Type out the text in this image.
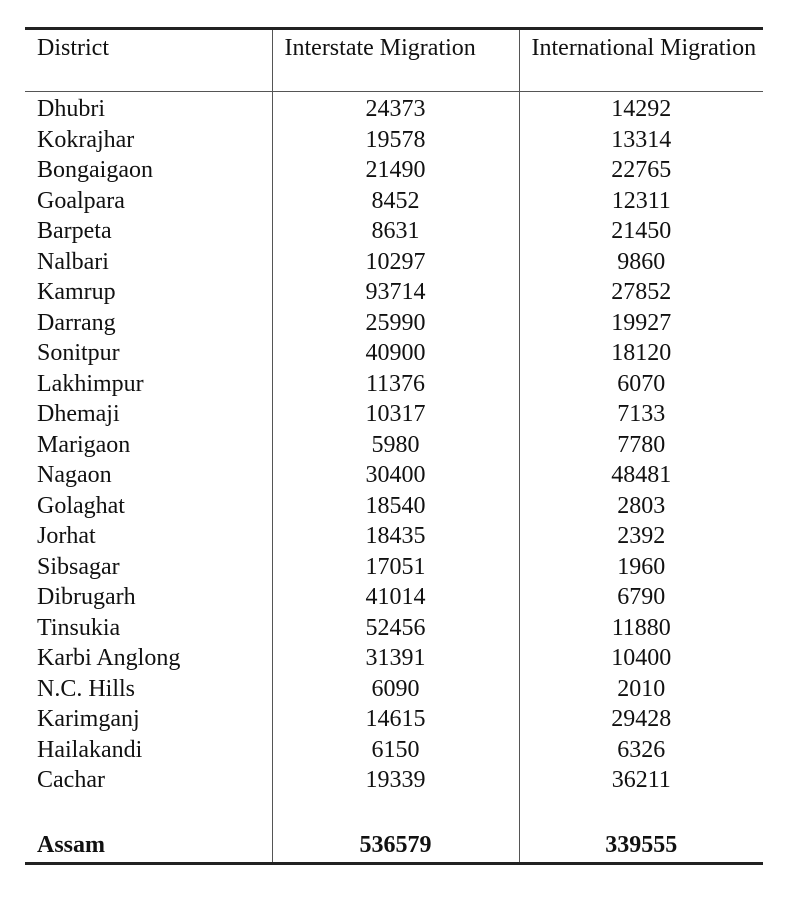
District	Interstate Migration	International Migration
Dhubri	24373	14292
Kokrajhar	19578	13314
Bongaigaon	21490	22765
Goalpara	8452	12311
Barpeta	8631	21450
Nalbari	10297	9860
Kamrup	93714	27852
Darrang	25990	19927
Sonitpur	40900	18120
Lakhimpur	11376	6070
Dhemaji	10317	7133
Marigaon	5980	7780
Nagaon	30400	48481
Golaghat	18540	2803
Jorhat	18435	2392
Sibsagar	17051	1960
Dibrugarh	41014	6790
Tinsukia	52456	11880
Karbi Anglong	31391	10400
N.C. Hills	6090	2010
Karimganj	14615	29428
Hailakandi	6150	6326
Cachar	19339	36211

Assam	536579	339555
